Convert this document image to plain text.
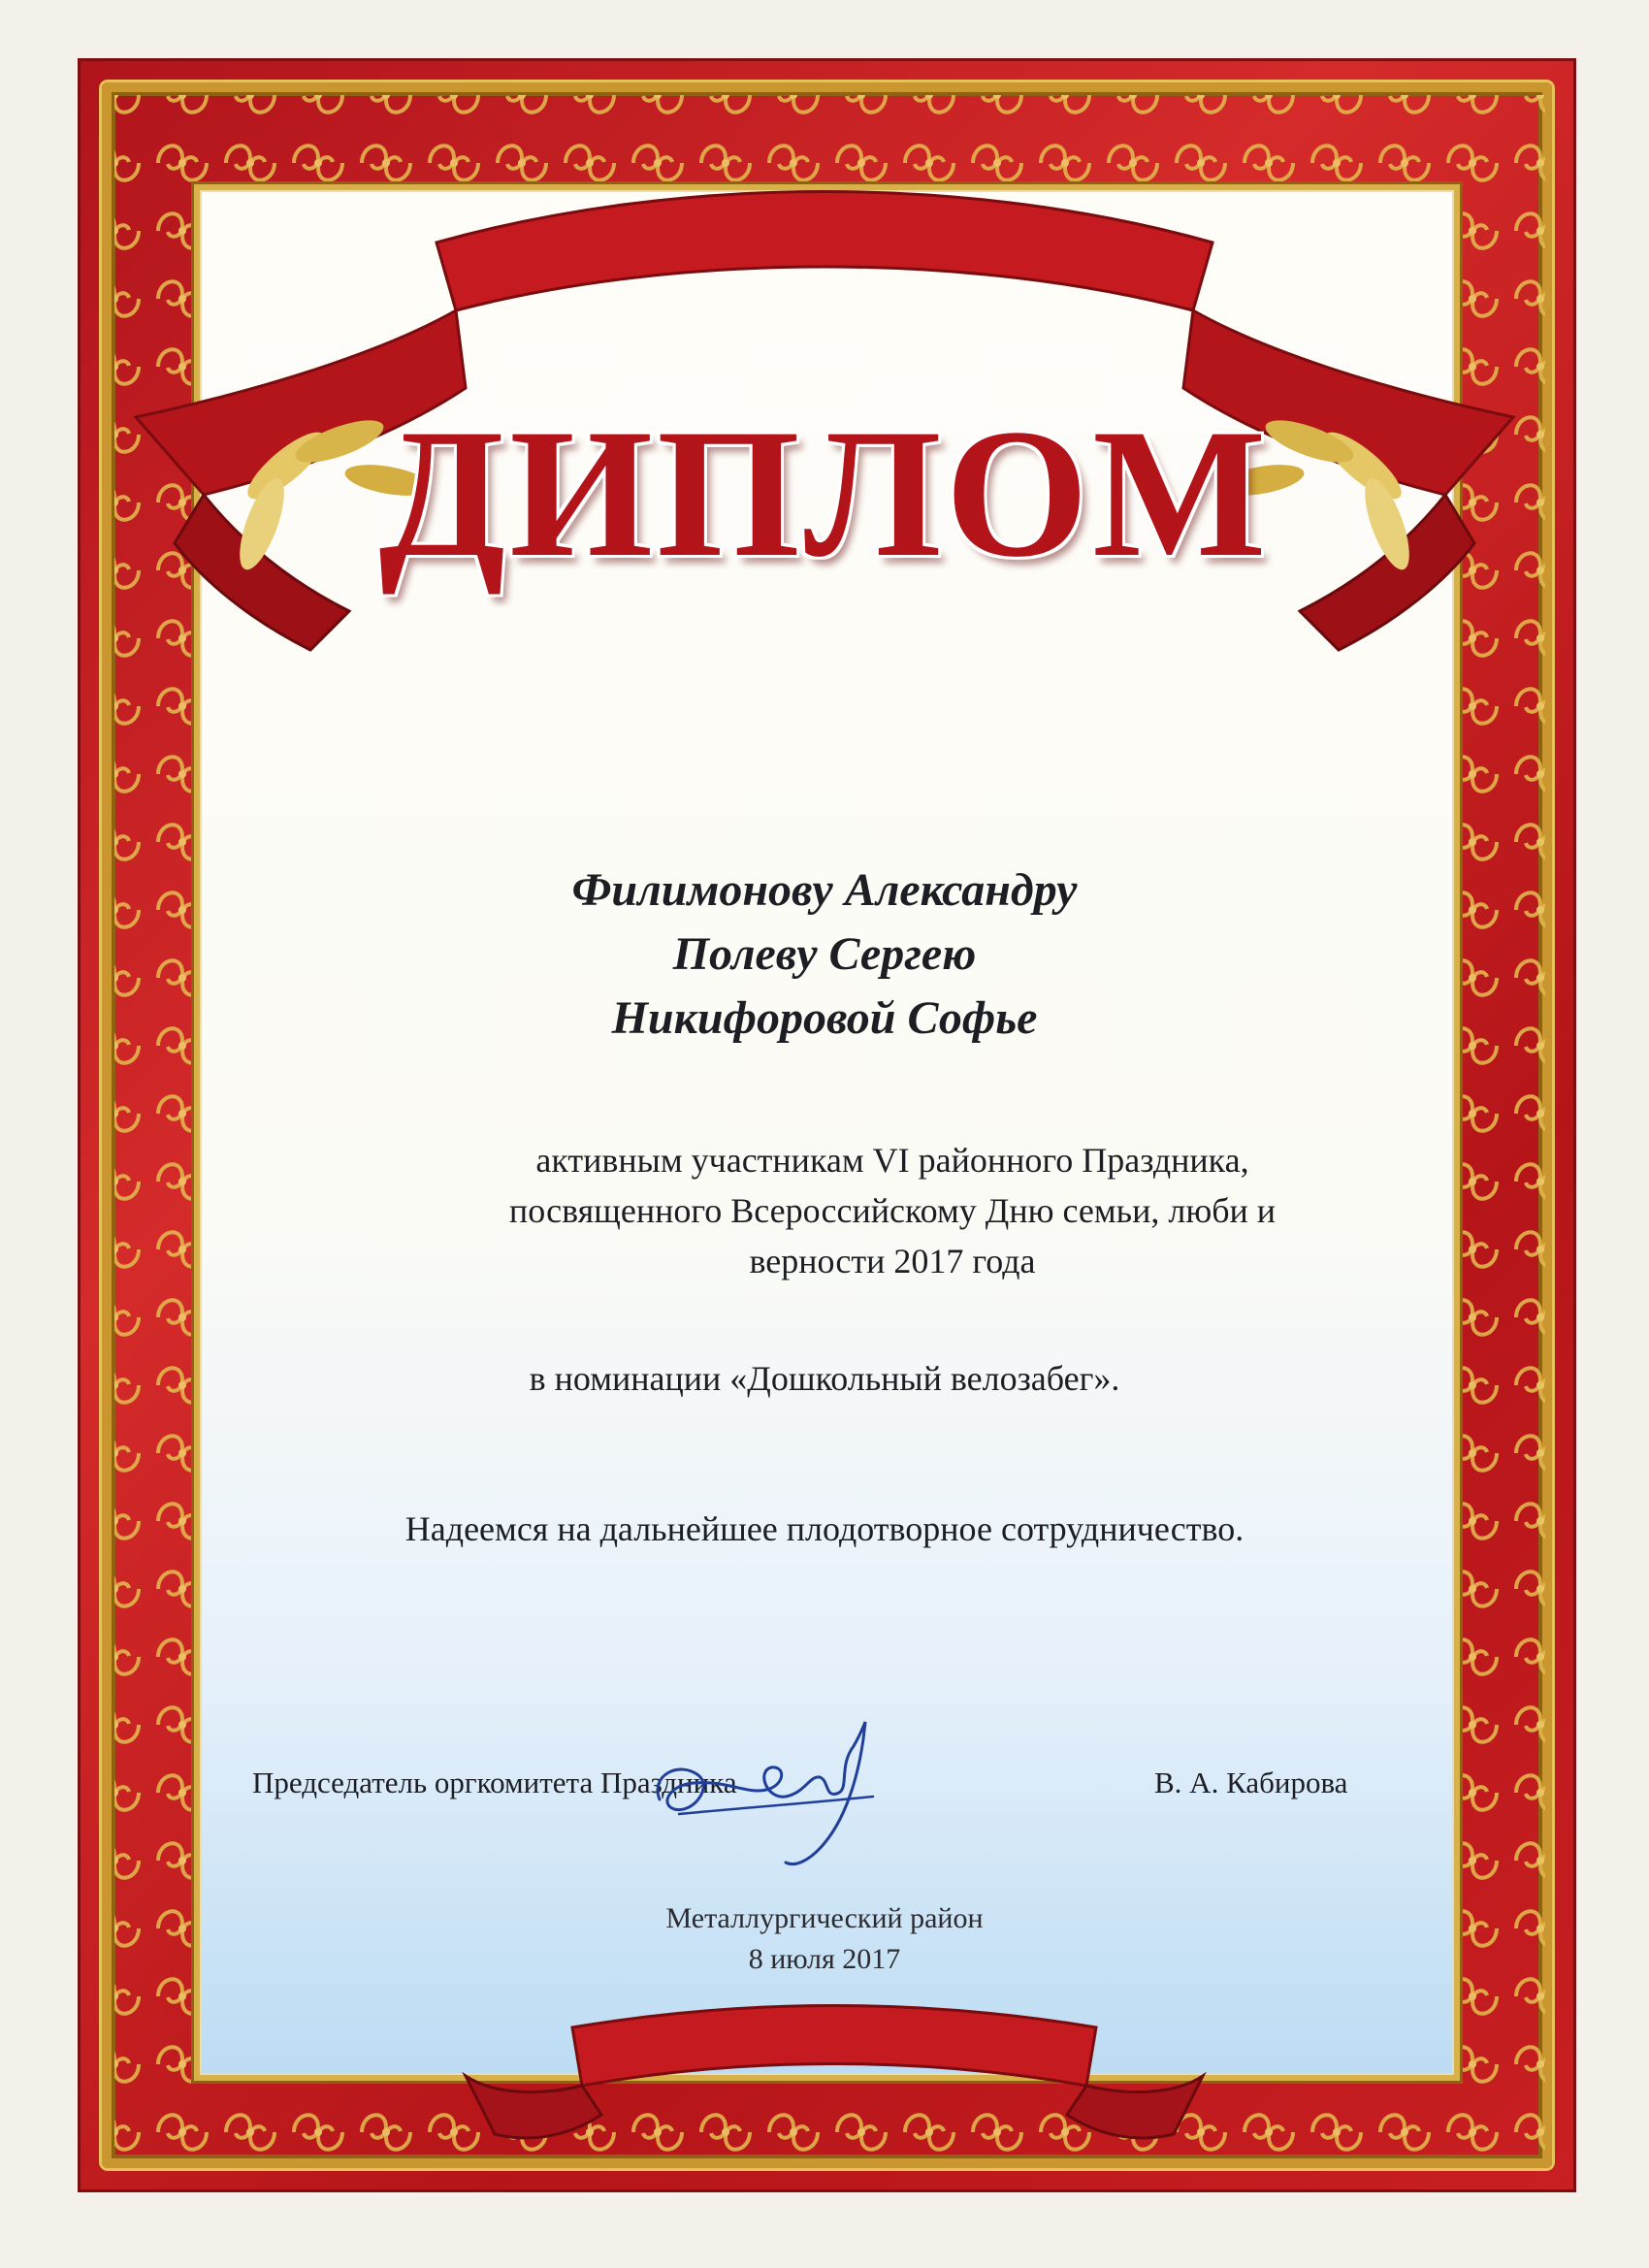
ДИПЛОМ
Филимонову Александру
Полеву Сергею
Никифоровой Софье
активным участникам VI районного Праздника,
посвященного Всероссийскому Дню семьи, люби и
верности 2017 года
в номинации «Дошкольный велозабег».
Надеемся на дальнейшее плодотворное сотрудничество.
Председатель оргкомитета Праздника	В. А. Кабирова
Металлургический район
8 июля 2017
